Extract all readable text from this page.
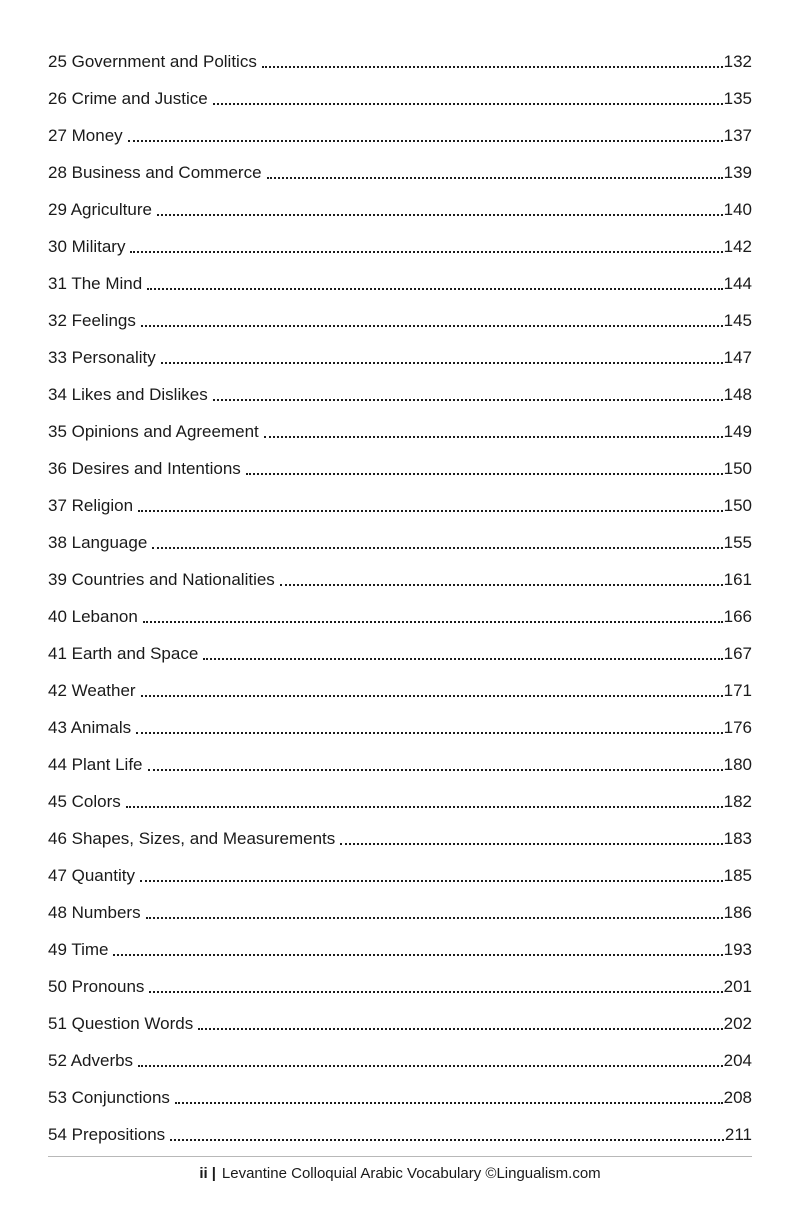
25 Government and Politics	132
26 Crime and Justice	135
27 Money	137
28 Business and Commerce	139
29 Agriculture	140
30 Military	142
31 The Mind	144
32 Feelings	145
33 Personality	147
34 Likes and Dislikes	148
35 Opinions and Agreement	149
36 Desires and Intentions	150
37 Religion	150
38 Language	155
39 Countries and Nationalities	161
40 Lebanon	166
41 Earth and Space	167
42 Weather	171
43 Animals	176
44 Plant Life	180
45 Colors	182
46 Shapes, Sizes, and Measurements	183
47 Quantity	185
48 Numbers	186
49 Time	193
50 Pronouns	201
51 Question Words	202
52 Adverbs	204
53 Conjunctions	208
54 Prepositions	211
ii | Levantine Colloquial Arabic Vocabulary ©Lingualism.com
